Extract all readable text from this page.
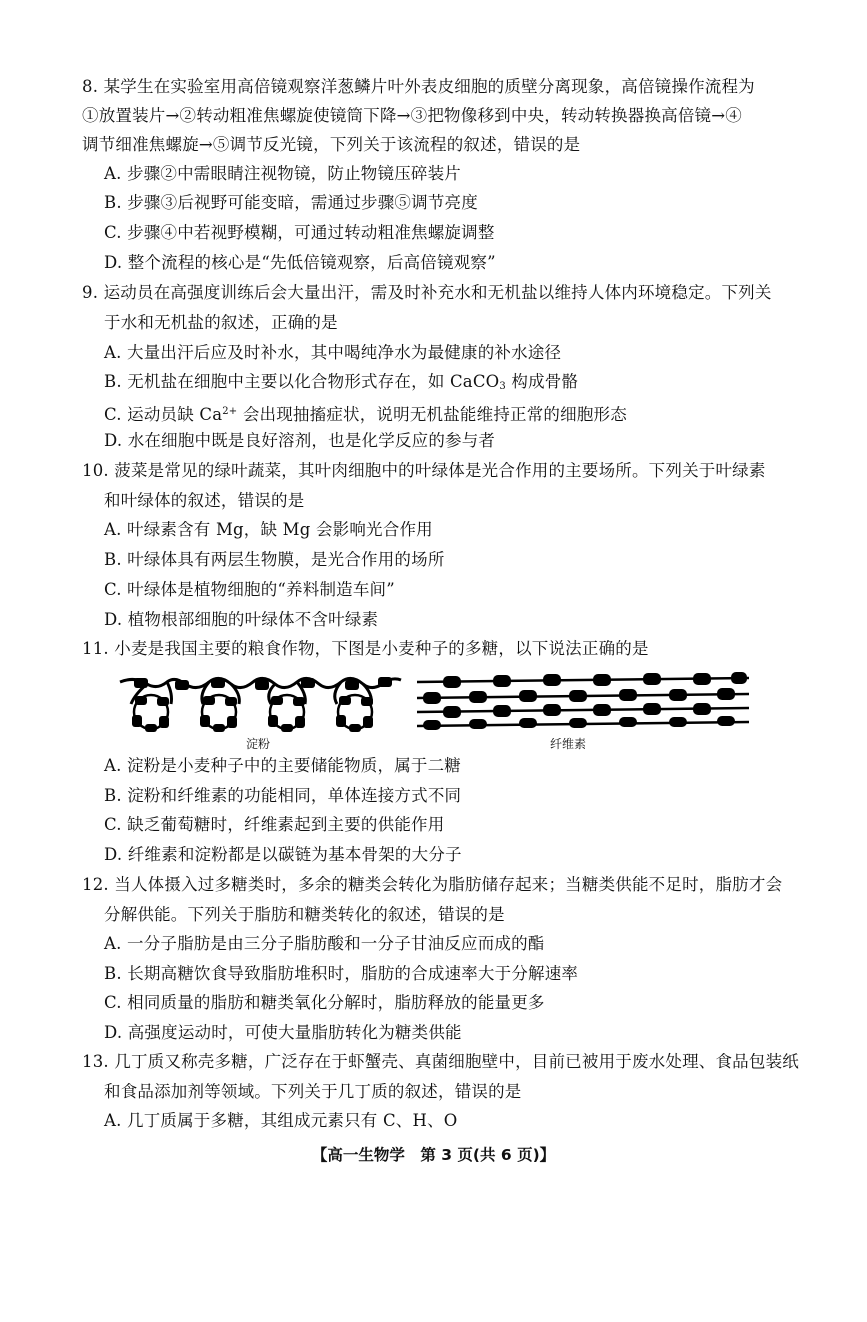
8. 某学生在实验室用高倍镜观察洋葱鳞片叶外表皮细胞的质壁分离现象，高倍镜操作流程为
①放置装片→②转动粗准焦螺旋使镜筒下降→③把物像移到中央，转动转换器换高倍镜→④
调节细准焦螺旋→⑤调节反光镜，下列关于该流程的叙述，错误的是
A. 步骤②中需眼睛注视物镜，防止物镜压碎装片
B. 步骤③后视野可能变暗，需通过步骤⑤调节亮度
C. 步骤④中若视野模糊，可通过转动粗准焦螺旋调整
D. 整个流程的核心是“先低倍镜观察，后高倍镜观察”
9. 运动员在高强度训练后会大量出汗，需及时补充水和无机盐以维持人体内环境稳定。下列关
于水和无机盐的叙述，正确的是
A. 大量出汗后应及时补水，其中喝纯净水为最健康的补水途径
B. 无机盐在细胞中主要以化合物形式存在，如 CaCO$_3$ 构成骨骼
C. 运动员缺 $Ca^{2+}$ 会出现抽搐症状，说明无机盐能维持正常的细胞形态
D. 水在细胞中既是良好溶剂，也是化学反应的参与者
10. 菠菜是常见的绿叶蔬菜，其叶肉细胞中的叶绿体是光合作用的主要场所。下列关于叶绿素
和叶绿体的叙述，错误的是
A. 叶绿素含有 Mg，缺 Mg 会影响光合作用
B. 叶绿体具有两层生物膜，是光合作用的场所
C. 叶绿体是植物细胞的“养料制造车间”
D. 植物根部细胞的叶绿体不含叶绿素
11. 小麦是我国主要的粮食作物，下图是小麦种子的多糖，以下说法正确的是
淀粉	纤维素
A. 淀粉是小麦种子中的主要储能物质，属于二糖
B. 淀粉和纤维素的功能相同，单体连接方式不同
C. 缺乏葡萄糖时，纤维素起到主要的供能作用
D. 纤维素和淀粉都是以碳链为基本骨架的大分子
12. 当人体摄入过多糖类时，多余的糖类会转化为脂肪储存起来；当糖类供能不足时，脂肪才会
分解供能。下列关于脂肪和糖类转化的叙述，错误的是
A. 一分子脂肪是由三分子脂肪酸和一分子甘油反应而成的酯
B. 长期高糖饮食导致脂肪堆积时，脂肪的合成速率大于分解速率
C. 相同质量的脂肪和糖类氧化分解时，脂肪释放的能量更多
D. 高强度运动时，可使大量脂肪转化为糖类供能
13. 几丁质又称壳多糖，广泛存在于虾蟹壳、真菌细胞壁中，目前已被用于废水处理、食品包装纸
和食品添加剂等领域。下列关于几丁质的叙述，错误的是
A. 几丁质属于多糖，其组成元素只有 C、H、O
【高一生物学　第 3 页(共 6 页)】
